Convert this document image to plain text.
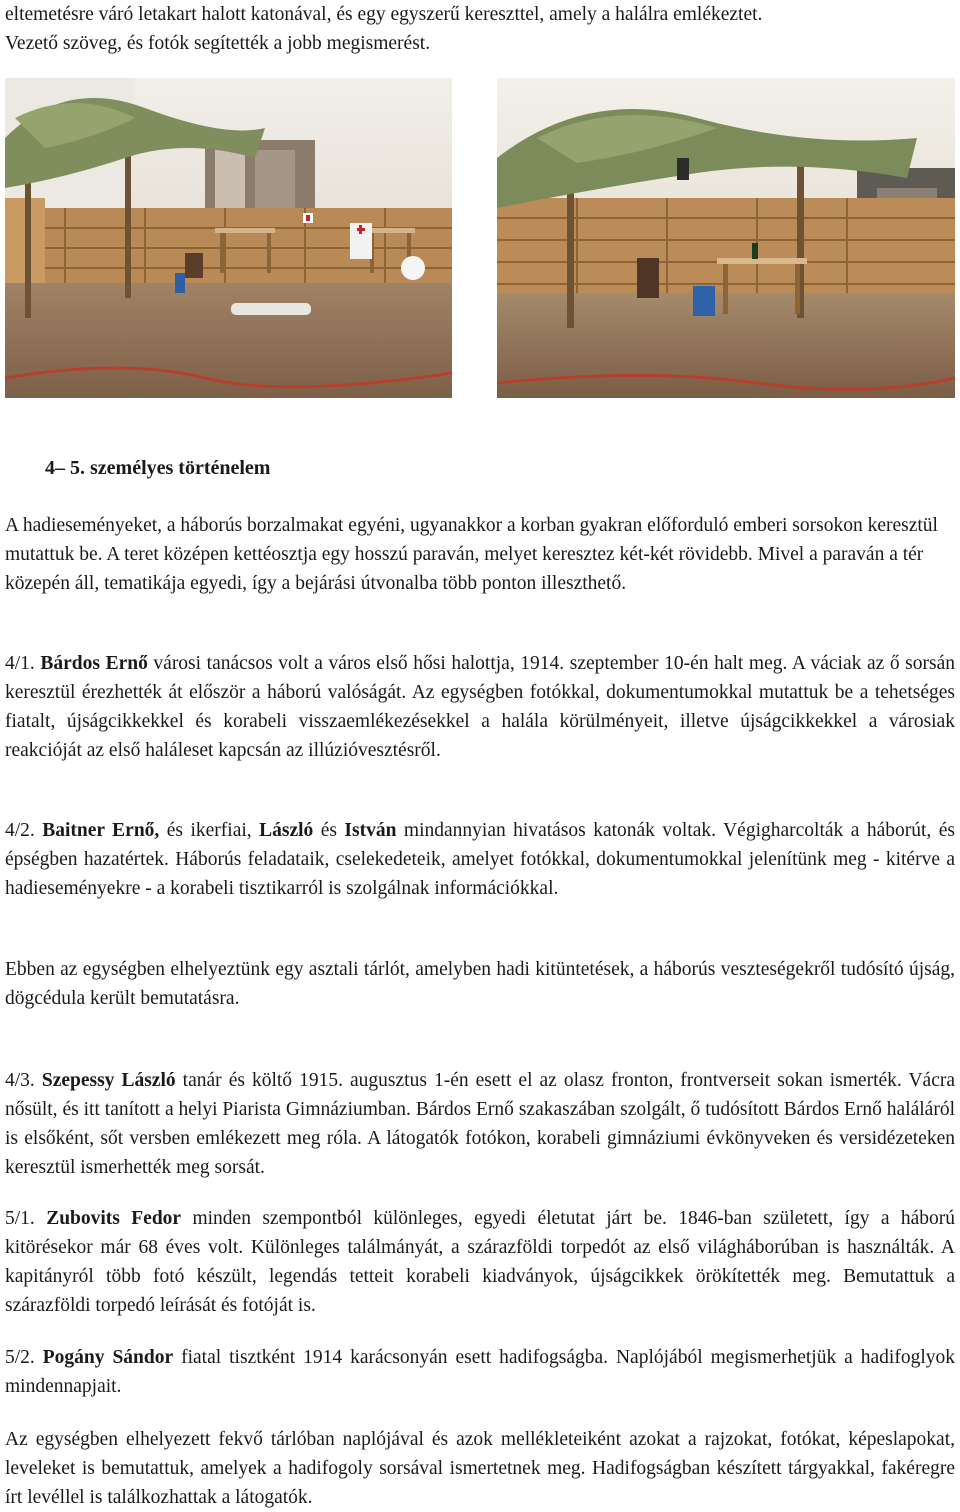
eltemetésre váró letakart halott katonával, és egy egyszerű kereszttel, amely a halálra emlékeztet.
Vezető szöveg, és fotók segítették a jobb megismerést.

4– 5. személyes történelem

A hadieseményeket, a háborús borzalmakat egyéni, ugyanakkor a korban gyakran előforduló emberi sorsokon keresztül mutattuk be. A teret középen kettéosztja egy hosszú paraván, melyet keresztez két-két rövidebb. Mivel a paraván a tér közepén áll, tematikája egyedi, így a bejárási útvonalba több ponton illeszthető.

4/1. Bárdos Ernő városi tanácsos volt a város első hősi halottja, 1914. szeptember 10-én halt meg. A váciak az ő sorsán keresztül érezhették át először a háború valóságát. Az egységben fotókkal, dokumentumokkal mutattuk be a tehetséges fiatalt, újságcikkekkel és korabeli visszaemlékezésekkel a halála körülményeit, illetve újságcikkekkel a városiak reakcióját az első haláleset kapcsán az illúzióvesztésről.

4/2. Baitner Ernő, és ikerfiai, László és István mindannyian hivatásos katonák voltak. Végigharcolták a háborút, és épségben hazatértek. Háborús feladataik, cselekedeteik, amelyet fotókkal, dokumentumokkal jelenítünk meg - kitérve a hadieseményekre - a korabeli tisztikarról is szolgálnak információkkal.

Ebben az egységben elhelyeztünk egy asztali tárlót, amelyben hadi kitüntetések, a háborús veszteségekről tudósító újság, dögcédula került bemutatásra.

4/3. Szepessy László tanár és költő 1915. augusztus 1-én esett el az olasz fronton, frontverseit sokan ismerték. Vácra nősült, és itt tanított a helyi Piarista Gimnáziumban. Bárdos Ernő szakaszában szolgált, ő tudósított Bárdos Ernő haláláról is elsőként, sőt versben emlékezett meg róla. A látogatók fotókon, korabeli gimnáziumi évkönyveken és versidézeteken keresztül ismerhették meg sorsát.

5/1. Zubovits Fedor minden szempontból különleges, egyedi életutat járt be. 1846-ban született, így a háború kitörésekor már 68 éves volt. Különleges találmányát, a szárazföldi torpedót az első világháborúban is használták. A kapitányról több fotó készült, legendás tetteit korabeli kiadványok, újságcikkek örökítették meg. Bemutattuk a szárazföldi torpedó leírását és fotóját is.

5/2. Pogány Sándor fiatal tisztként 1914 karácsonyán esett hadifogságba. Naplójából megismerhetjük a hadifoglyok mindennapjait.

Az egységben elhelyezett fekvő tárlóban naplójával és azok mellékleteiként azokat a rajzokat, fotókat, képeslapokat, leveleket is bemutattuk, amelyek a hadifogoly sorsával ismertetnek meg. Hadifogságban készített tárgyakkal, fakéregre írt levéllel is találkozhattak a látogatók.
